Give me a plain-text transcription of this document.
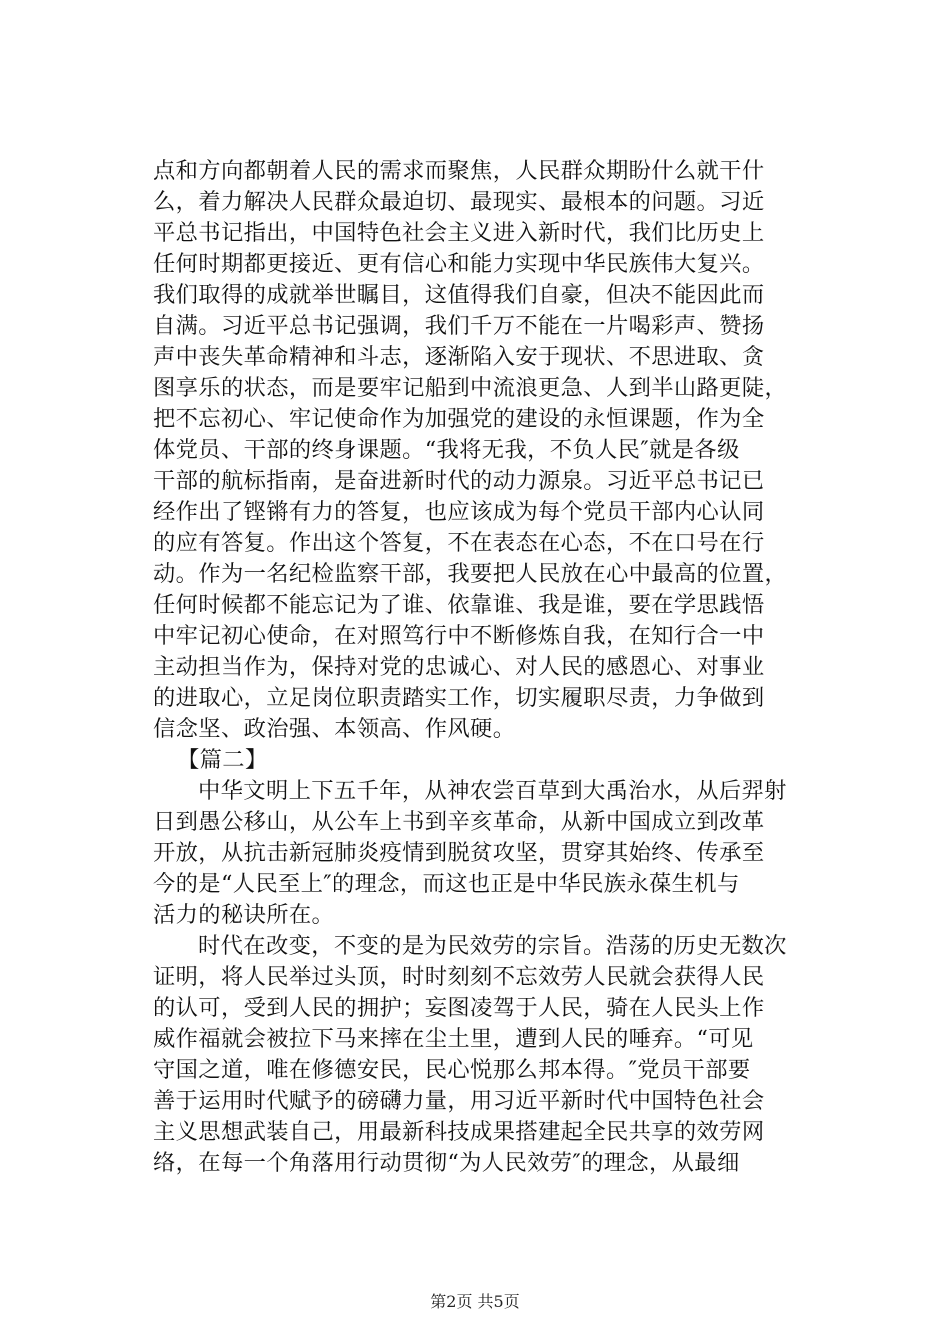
点和方向都朝着人民的需求而聚焦，人民群众期盼什么就干什
么，着力解决人民群众最迫切、最现实、最根本的问题。习近
平总书记指出，中国特色社会主义进入新时代，我们比历史上
任何时期都更接近、更有信心和能力实现中华民族伟大复兴。
我们取得的成就举世瞩目，这值得我们自豪，但决不能因此而
自满。习近平总书记强调，我们千万不能在一片喝彩声、赞扬
声中丧失革命精神和斗志，逐渐陷入安于现状、不思进取、贪
图享乐的状态，而是要牢记船到中流浪更急、人到半山路更陡，
把不忘初心、牢记使命作为加强党的建设的永恒课题，作为全
体党员、干部的终身课题。“我将无我，不负人民″就是各级
干部的航标指南，是奋进新时代的动力源泉。习近平总书记已
经作出了铿锵有力的答复，也应该成为每个党员干部内心认同
的应有答复。作出这个答复，不在表态在心态，不在口号在行
动。作为一名纪检监察干部，我要把人民放在心中最高的位置，
任何时候都不能忘记为了谁、依靠谁、我是谁，要在学思践悟
中牢记初心使命，在对照笃行中不断修炼自我，在知行合一中
主动担当作为，保持对党的忠诚心、对人民的感恩心、对事业
的进取心，立足岗位职责踏实工作，切实履职尽责，力争做到
信念坚、政治强、本领高、作风硬。
【篇二】
中华文明上下五千年，从神农尝百草到大禹治水，从后羿射
日到愚公移山，从公车上书到辛亥革命，从新中国成立到改革
开放，从抗击新冠肺炎疫情到脱贫攻坚，贯穿其始终、传承至
今的是“人民至上″的理念，而这也正是中华民族永葆生机与
活力的秘诀所在。
时代在改变，不变的是为民效劳的宗旨。浩荡的历史无数次
证明，将人民举过头顶，时时刻刻不忘效劳人民就会获得人民
的认可，受到人民的拥护；妄图凌驾于人民，骑在人民头上作
威作福就会被拉下马来摔在尘土里，遭到人民的唾弃。“可见
守国之道，唯在修德安民，民心悦那么邦本得。″党员干部要
善于运用时代赋予的磅礴力量，用习近平新时代中国特色社会
主义思想武装自己，用最新科技成果搭建起全民共享的效劳网
络，在每一个角落用行动贯彻“为人民效劳″的理念，从最细
第2页 共5页
